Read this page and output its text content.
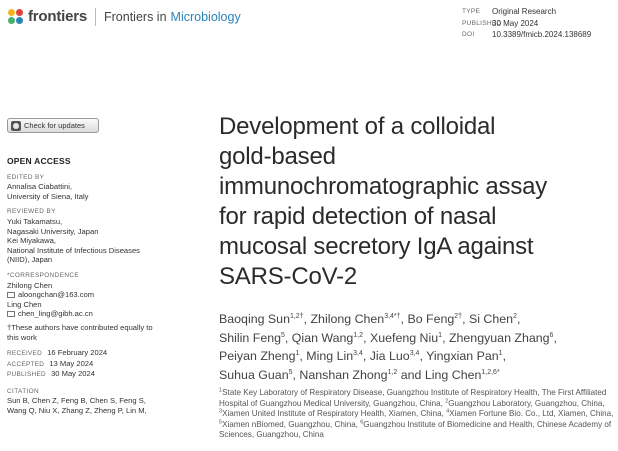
frontiers Frontiers in Microbiology	TYPE	Original Research
PUBLISHED
30 May 2024
DOI	10.3389/fmicb.2024.138689
Check for updates
OPEN ACCESS
EDITED BY

Annalisa Ciabattini,

University of Siena, Italy

REVIEWED BY

Yuki Takamatsu,

Nagasaki University, Japan

Kei Miyakawa,

National Institute of Infectious Diseases

(NIID), Japan

*CORRESPONDENCE

Zhilong Chen

aloongchan@163.com

Ling Chen

chen_ling@gibh.ac.cn

†These authors have contributed equally to

this work

RECEIVED 16 February 2024
ACCEPTED 13 May 2024
PUBLISHED 30 May 2024
CITATION

Sun B, Chen Z, Feng B, Chen S, Feng S,

Wang Q, Niu X, Zhang Z, Zheng P, Lin M,

Development of a colloidal
gold-based
immunochromatographic assay
for rapid detection of nasal
mucosal secretory IgA against
SARS-CoV-2
Baoqing Sun$^{1,2\dagger}$, Zhilong Chen$^{3,4*\dagger}$, Bo Feng$^{2\dagger}$, Si Chen$^2$,
Shilin Feng$^5$, Qian Wang$^{1,2}$, Xuefeng Niu$^1$, Zhengyuan Zhang$^6$,
Peiyan Zheng$^1$, Ming Lin$^{3,4}$, Jia Luo$^{3,4}$, Yingxian Pan$^1$,
Suhua Guan$^5$, Nanshan Zhong$^{1,2}$ and Ling Chen$^{1,2,6*}$
$^1$State Key Laboratory of Respiratory Disease, Guangzhou Institute of Respiratory Health, The First Affiliated Hospital of Guangzhou Medical University, Guangzhou, China, $^2$Guangzhou Laboratory, Guangzhou, China, $^3$Xiamen United Institute of Respiratory Health, Xiamen, China, $^4$Xiamen Fortune Bio. Co., Ltd, Xiamen, China, $^5$Xiamen nBiomed, Guangzhou, China, $^6$Guangzhou Institute of Biomedicine and Health, Chinese Academy of Sciences, Guangzhou, China
